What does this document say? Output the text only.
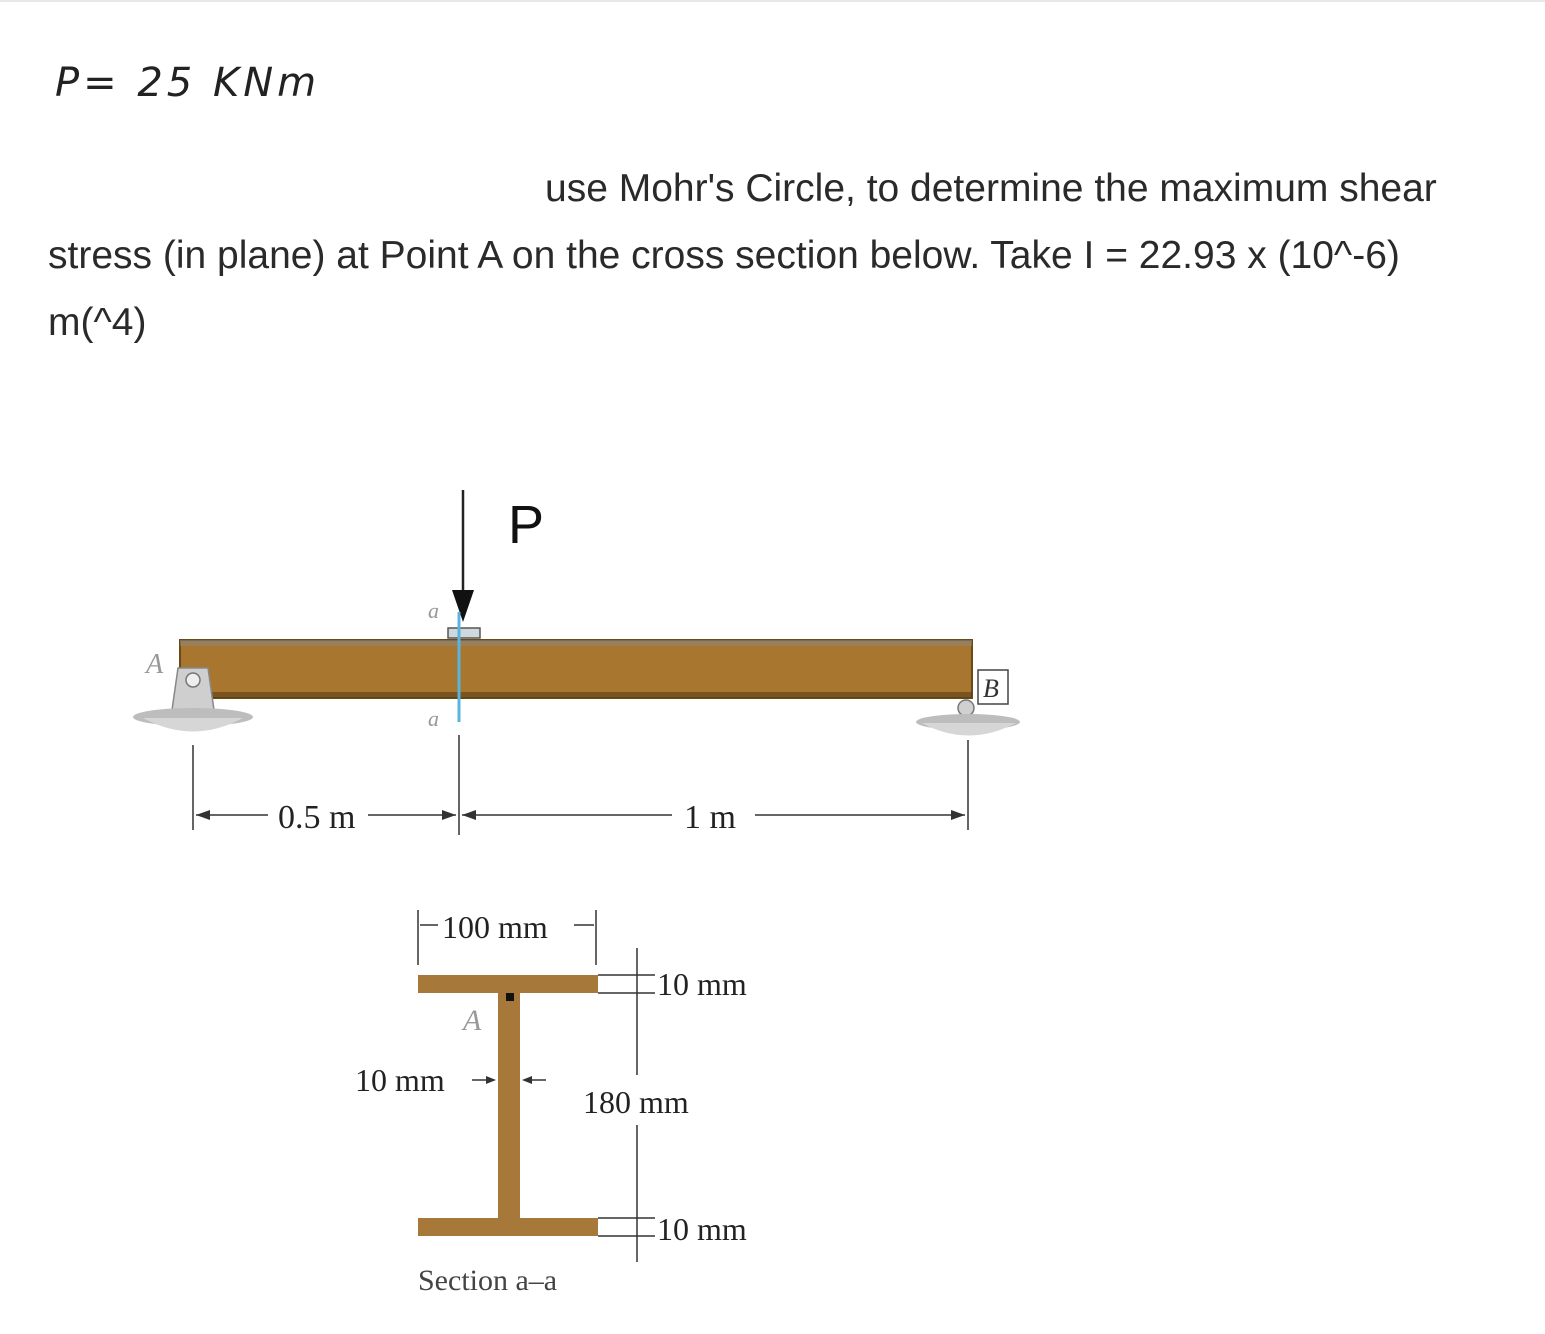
P= 25 KNm
use Mohr's Circle, to determine the maximum shear stress (in plane) at Point A on the cross section below. Take I = 22.93 x (10^-6) m(^4)
P
a
a
A
B
0.5 m	1 m
A
100 mm
10 mm
180 mm
10 mm
10 mm
Section a–a
